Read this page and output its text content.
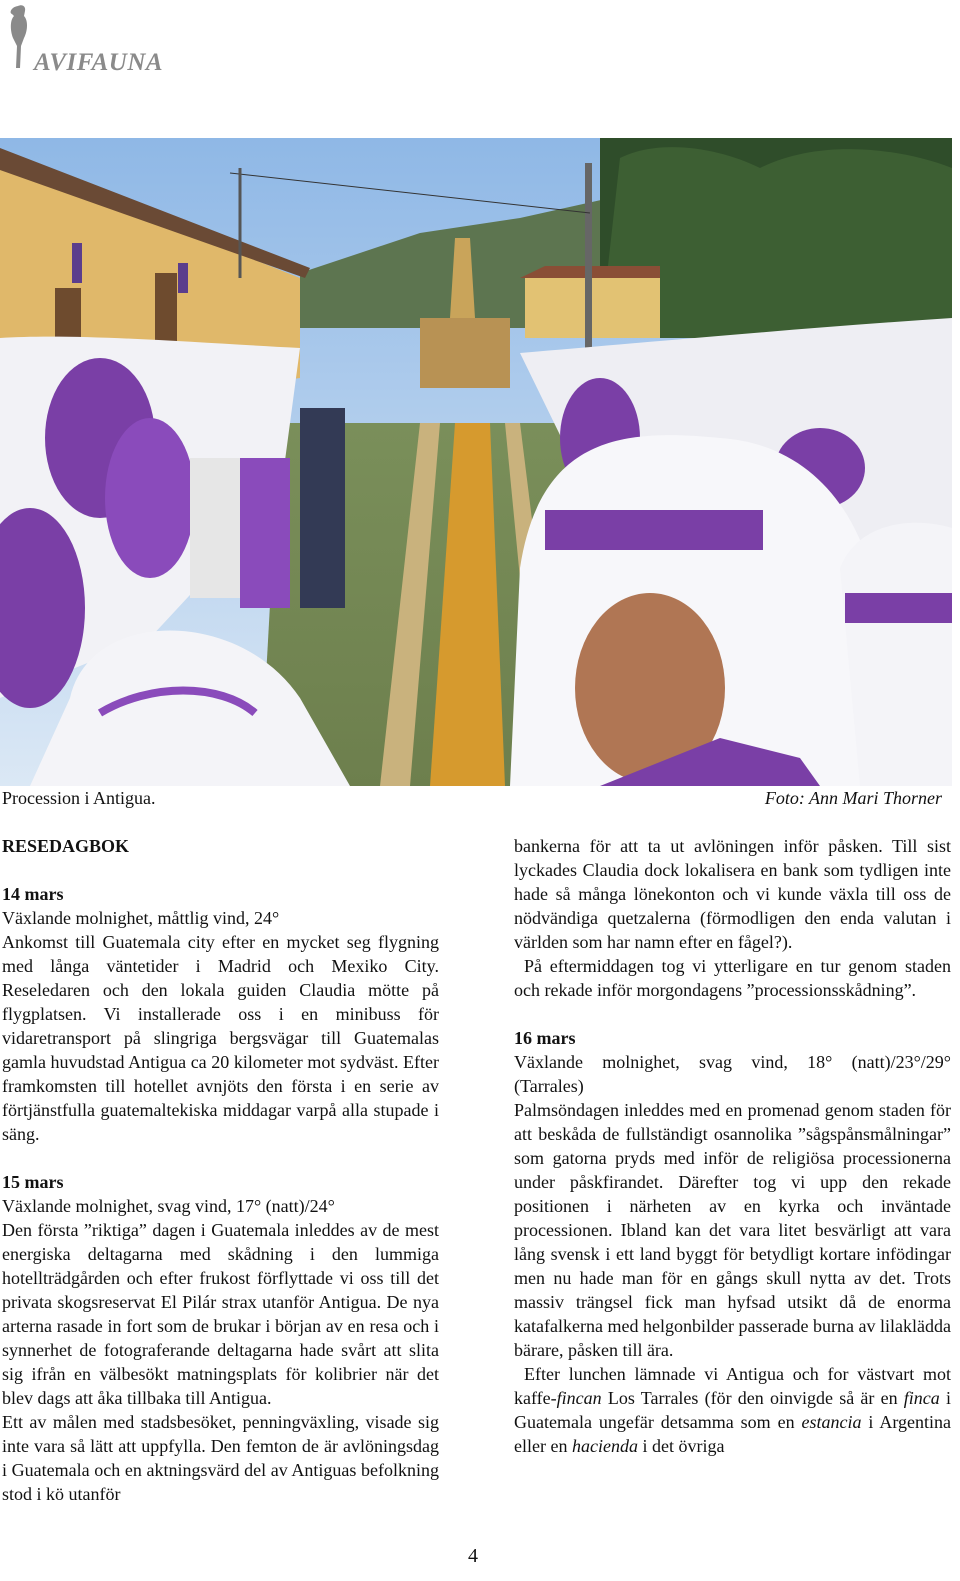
AVIFAUNA
Procession i Antigua.	Foto: Ann Mari Thorner

RESEDAGBOK

14 mars

Växlande molnighet, måttlig vind, 24°

Ankomst till Guatemala city efter en mycket seg flygning med långa väntetider i Madrid och Mexiko City. Reseledaren och den lokala guiden Claudia mötte på flygplatsen. Vi installerade oss i en minibuss för vidaretransport på slingriga bergsvägar till Guatemalas gamla huvudstad Antigua ca 20 kilometer mot sydväst. Efter framkomsten till hotellet avnjöts den första i en serie av förtjänstfulla guatemaltekiska middagar varpå alla stupade i säng.

15 mars

Växlande molnighet, svag vind, 17° (natt)/24°

Den första ”riktiga” dagen i Guatemala inleddes av de mest energiska deltagarna med skådning i den lummiga hotellträdgården och efter frukost förflyttade vi oss till det privata skogsreservat El Pilár strax utanför Antigua. De nya arterna rasade in fort som de brukar i början av en resa och i synnerhet de fotograferande deltagarna hade svårt att slita sig ifrån en välbesökt matningsplats för kolibrier när det blev dags att åka tillbaka till Antigua.

Ett av målen med stadsbesöket, penningväxling, visade sig inte vara så lätt att uppfylla. Den femton de är avlöningsdag i Guatemala och en aktningsvärd del av Antiguas befolkning stod i kö utanför

bankerna för att ta ut avlöningen inför påsken. Till sist lyckades Claudia dock lokalisera en bank som tydligen inte hade så många lönekonton och vi kunde växla till oss de nödvändiga quetzalerna (förmodligen den enda valutan i världen som har namn efter en fågel?).

På eftermiddagen tog vi ytterligare en tur genom staden och rekade inför morgondagens ”processionsskådning”.

16 mars

Växlande molnighet, svag vind, 18° (natt)/23°/29° (Tarrales)

Palmsöndagen inleddes med en promenad genom staden för att beskåda de fullständigt osannolika ”sågspånsmålningar” som gatorna pryds med inför de religiösa processionerna under påskfirandet. Därefter tog vi upp den rekade positionen i närheten av en kyrka och inväntade processionen. Ibland kan det vara litet besvärligt att vara lång svensk i ett land byggt för betydligt kortare infödingar men nu hade man för en gångs skull nytta av det. Trots massiv trängsel fick man hyfsad utsikt då de enorma katafalkerna med helgonbilder passerade burna av lilaklädda bärare, påsken till ära.

Efter lunchen lämnade vi Antigua och for västvart mot kaffe-fincan Los Tarrales (för den oinvigde så är en finca i Guatemala ungefär detsamma som en estancia i Argentina eller en hacienda i det övriga

4
